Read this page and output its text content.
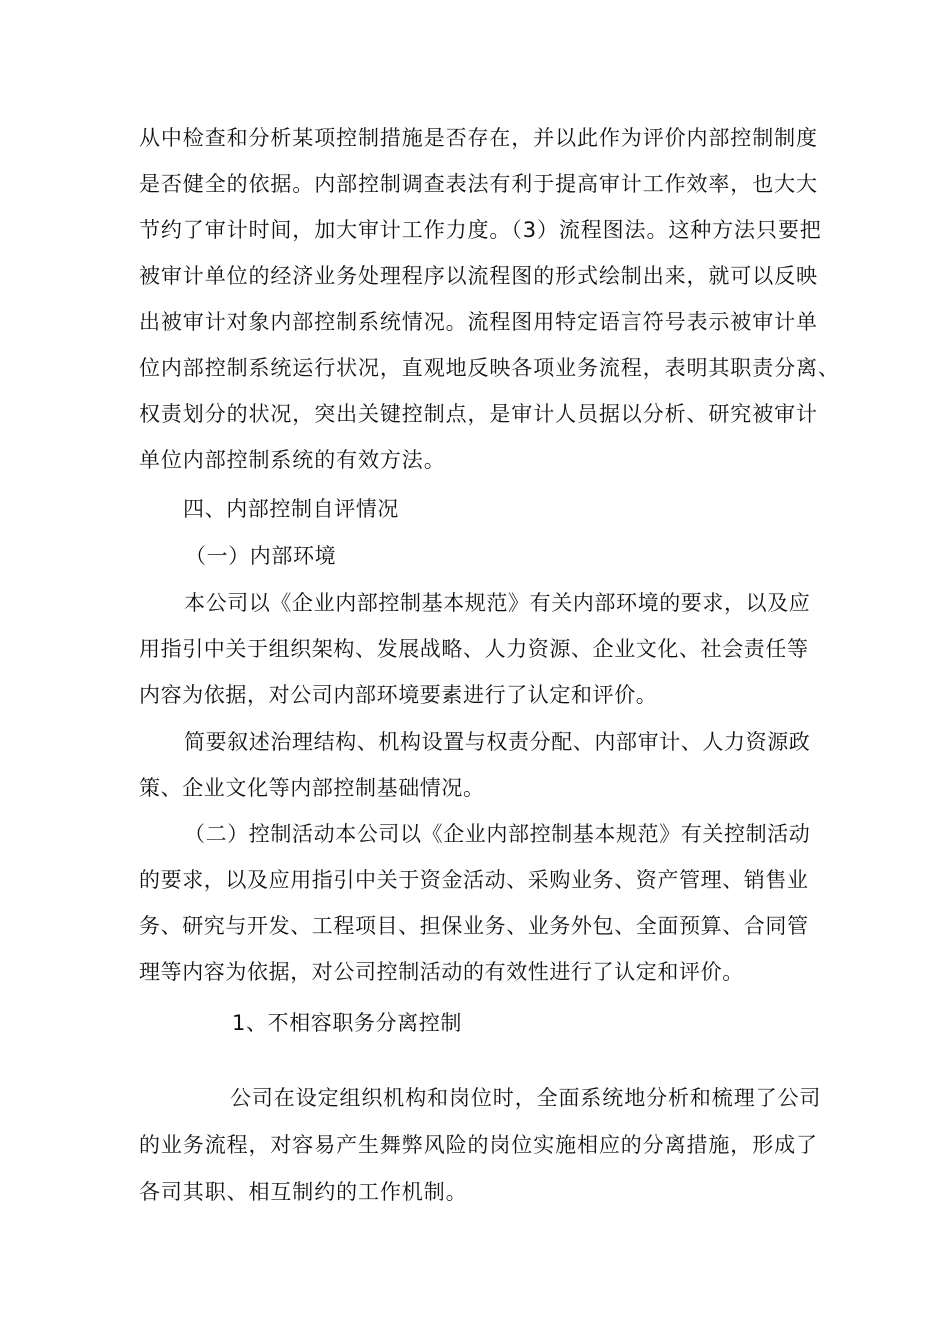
从中检查和分析某项控制措施是否存在，并以此作为评价内部控制制度

是否健全的依据。内部控制调查表法有利于提高审计工作效率，也大大

节约了审计时间，加大审计工作力度。（3）流程图法。这种方法只要把

被审计单位的经济业务处理程序以流程图的形式绘制出来，就可以反映

出被审计对象内部控制系统情况。流程图用特定语言符号表示被审计单

位内部控制系统运行状况，直观地反映各项业务流程，表明其职责分离、

权责划分的状况，突出关键控制点，是审计人员据以分析、研究被审计

单位内部控制系统的有效方法。

四、内部控制自评情况

（一）内部环境

本公司以《企业内部控制基本规范》有关内部环境的要求，以及应

用指引中关于组织架构、发展战略、人力资源、企业文化、社会责任等

内容为依据，对公司内部环境要素进行了认定和评价。

简要叙述治理结构、机构设置与权责分配、内部审计、人力资源政

策、企业文化等内部控制基础情况。

（二）控制活动本公司以《企业内部控制基本规范》有关控制活动

的要求，以及应用指引中关于资金活动、采购业务、资产管理、销售业

务、研究与开发、工程项目、担保业务、业务外包、全面预算、合同管

理等内容为依据，对公司控制活动的有效性进行了认定和评价。

1、不相容职务分离控制

公司在设定组织机构和岗位时，全面系统地分析和梳理了公司

的业务流程，对容易产生舞弊风险的岗位实施相应的分离措施，形成了

各司其职、相互制约的工作机制。
